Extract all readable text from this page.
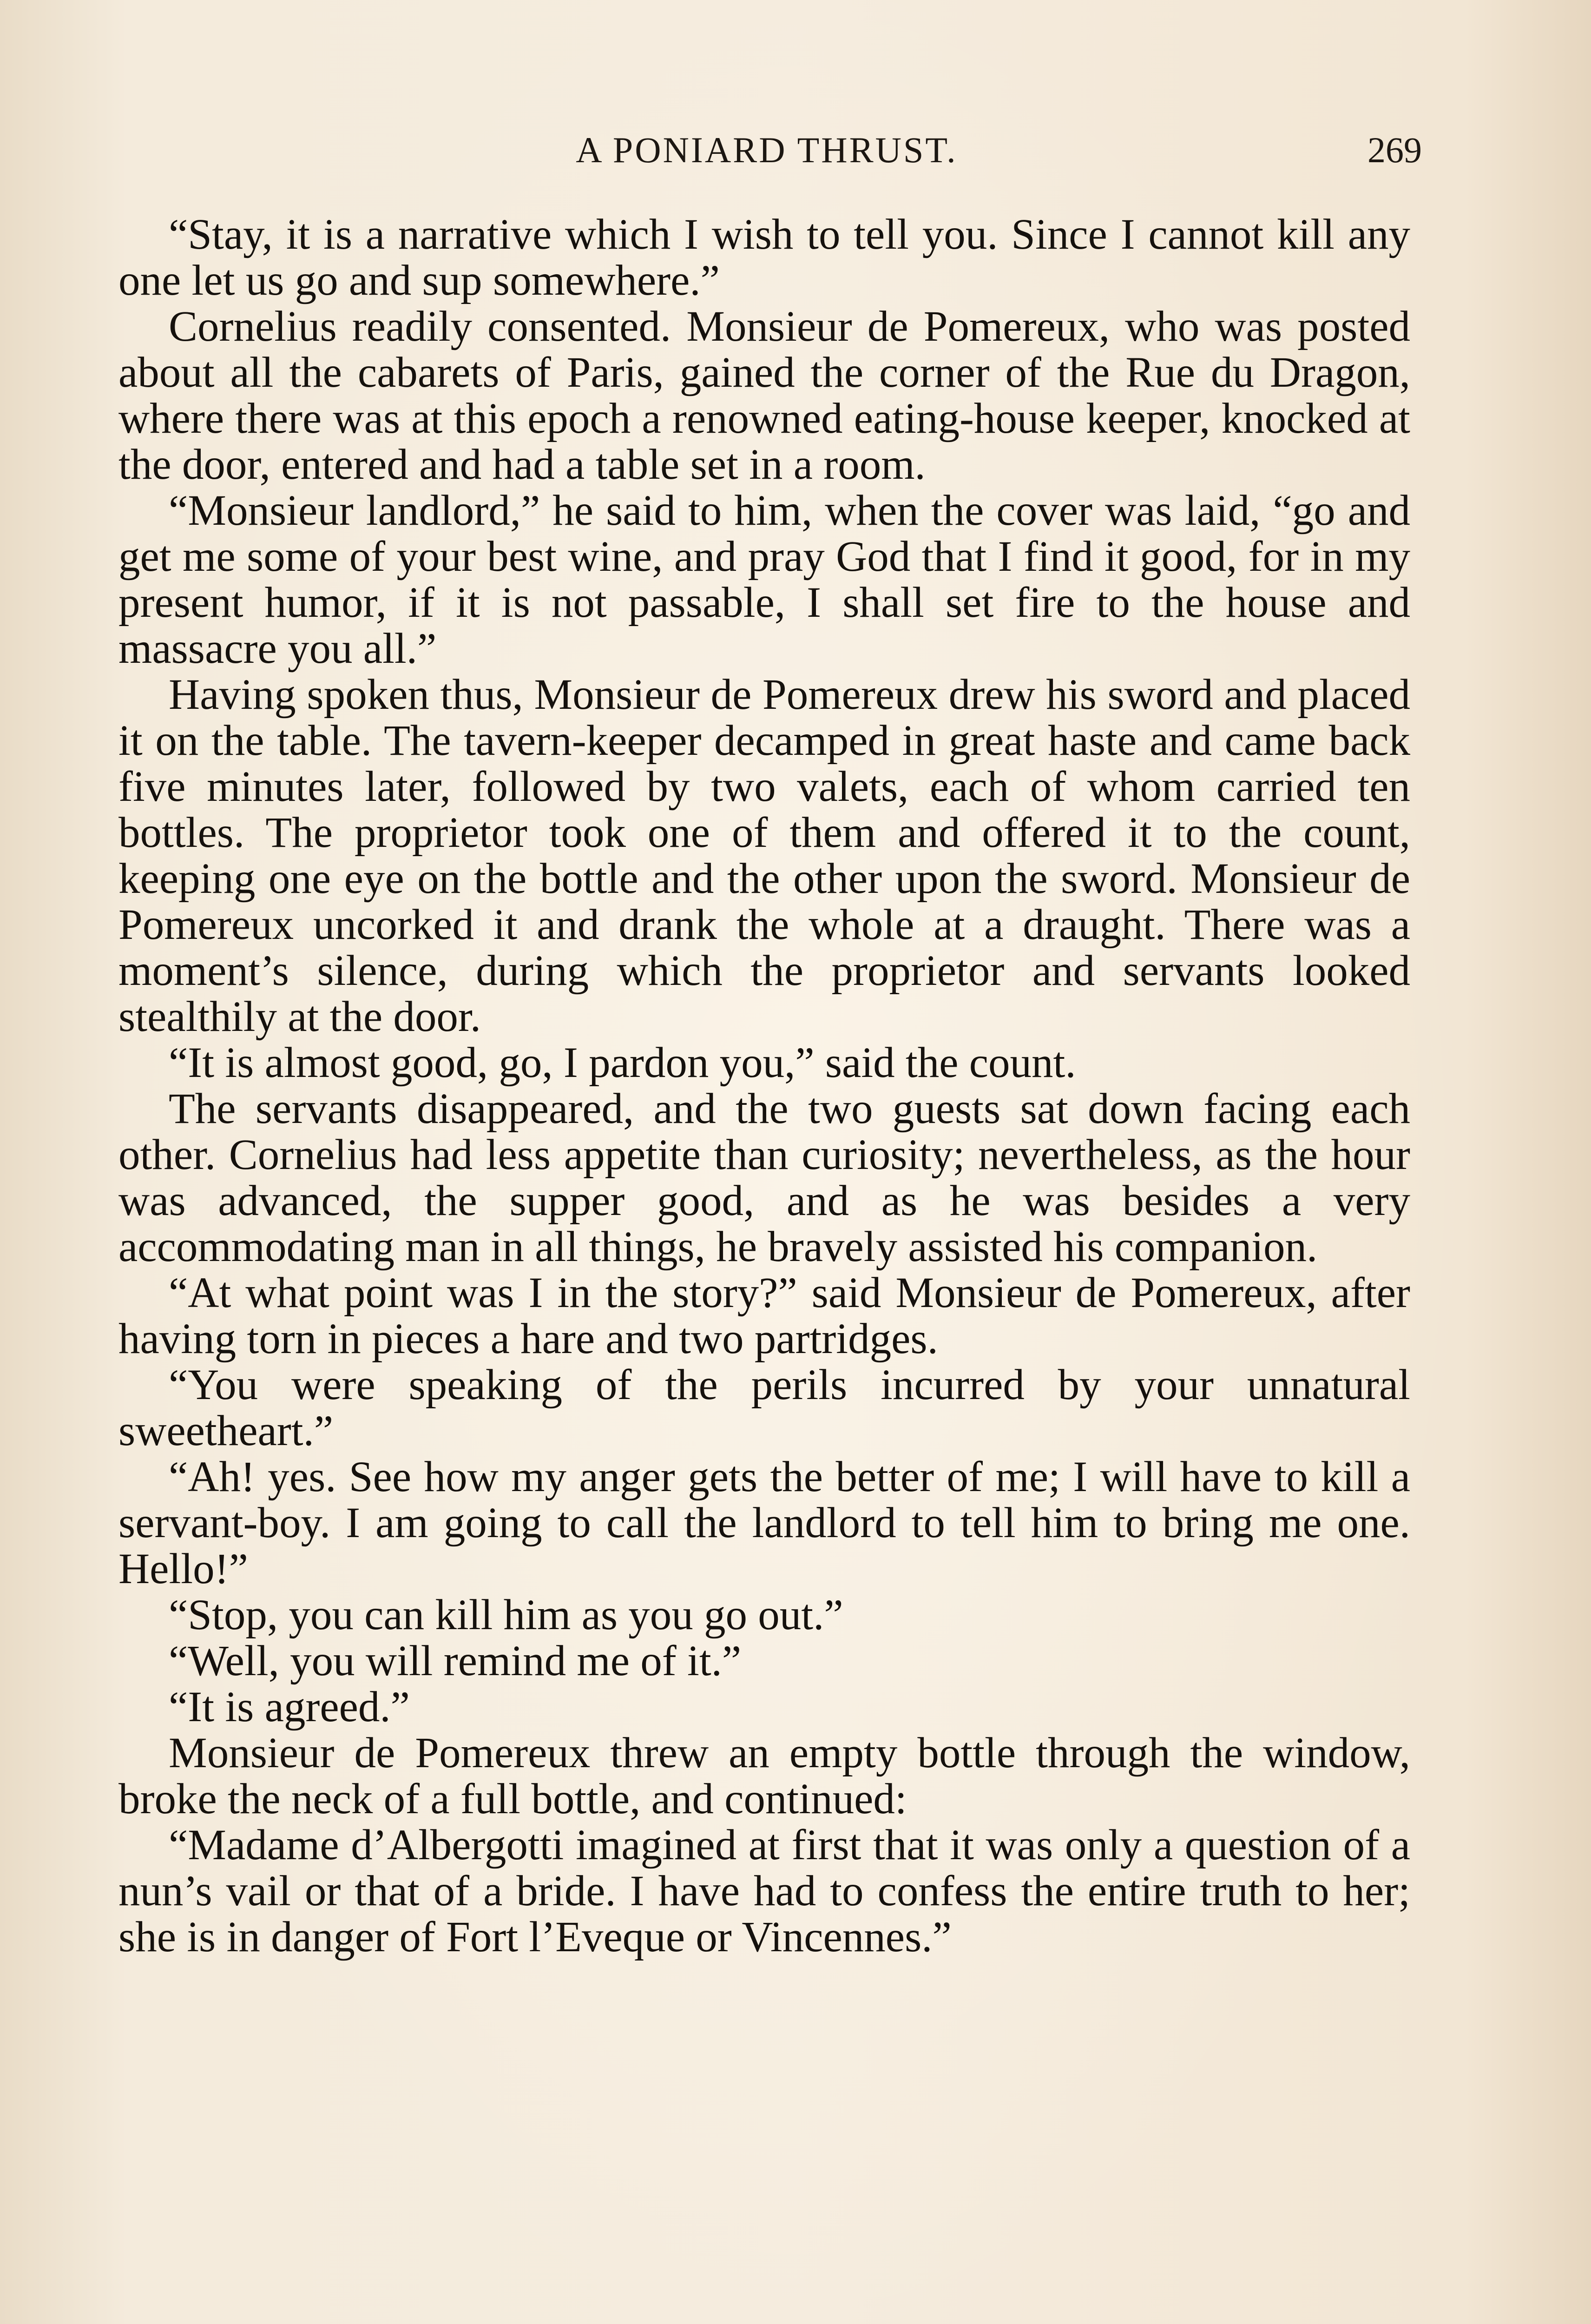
A PONIARD THRUST.	269

“Stay, it is a narrative which I wish to tell you. Since I cannot kill any one let us go and sup somewhere.”

Cornelius readily consented. Monsieur de Pomereux, who was posted about all the cabarets of Paris, gained the corner of the Rue du Dragon, where there was at this epoch a renowned eating-house keeper, knocked at the door, entered and had a table set in a room.

“Monsieur landlord,” he said to him, when the cover was laid, “go and get me some of your best wine, and pray God that I find it good, for in my present humor, if it is not passable, I shall set fire to the house and massacre you all.”

Having spoken thus, Monsieur de Pomereux drew his sword and placed it on the table. The tavern-keeper decamped in great haste and came back five minutes later, followed by two valets, each of whom carried ten bottles. The proprietor took one of them and offered it to the count, keeping one eye on the bottle and the other upon the sword. Monsieur de Pomereux uncorked it and drank the whole at a draught. There was a moment’s silence, during which the proprietor and servants looked stealthily at the door.

“It is almost good, go, I pardon you,” said the count.

The servants disappeared, and the two guests sat down facing each other. Cornelius had less appetite than curiosity; nevertheless, as the hour was advanced, the supper good, and as he was besides a very accommodating man in all things, he bravely assisted his companion.

“At what point was I in the story?” said Monsieur de Pomereux, after having torn in pieces a hare and two partridges.

“You were speaking of the perils incurred by your unnatural sweetheart.”

“Ah! yes. See how my anger gets the better of me; I will have to kill a servant-boy. I am going to call the landlord to tell him to bring me one. Hello!”

“Stop, you can kill him as you go out.”

“Well, you will remind me of it.”

“It is agreed.”

Monsieur de Pomereux threw an empty bottle through the window, broke the neck of a full bottle, and continued:

“Madame d’Albergotti imagined at first that it was only a question of a nun’s vail or that of a bride. I have had to confess the entire truth to her; she is in danger of Fort l’Eveque or Vincennes.”
